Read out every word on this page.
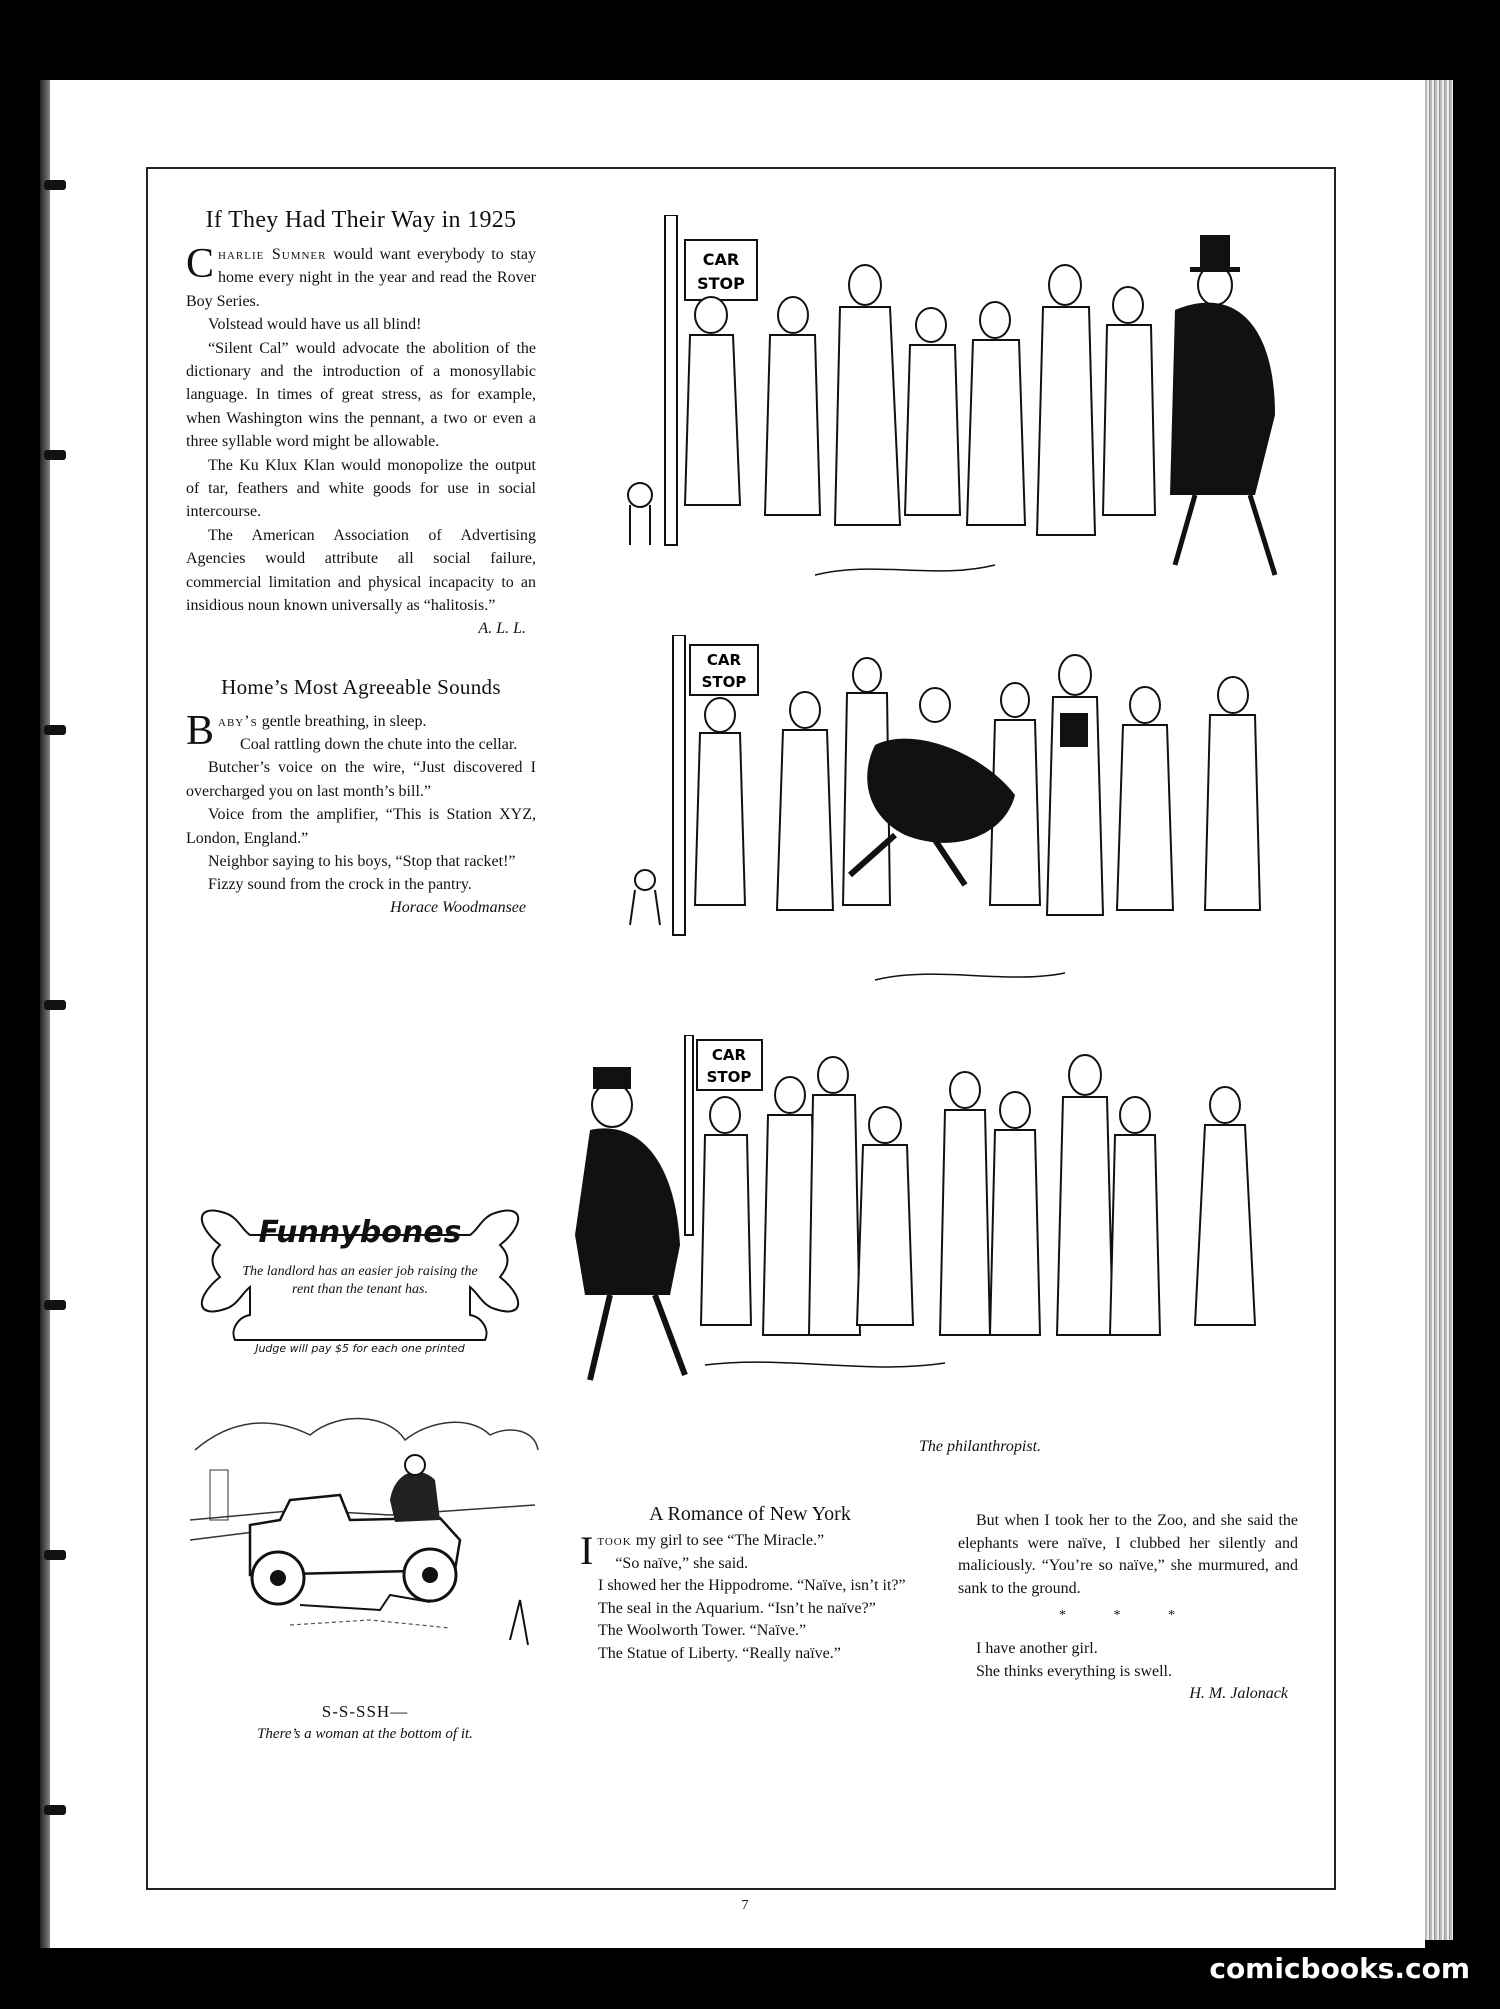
If They Had Their Way in 1925

Charlie Sumner would want everybody to stay home every night in the year and read the Rover Boy Series.

Volstead would have us all blind!

“Silent Cal” would advocate the abolition of the dictionary and the introduction of a monosyllabic language. In times of great stress, as for example, when Washington wins the pennant, a two or even a three syllable word might be allowable.

The Ku Klux Klan would monopolize the output of tar, feathers and white goods for use in social intercourse.

The American Association of Advertising Agencies would attribute all social failure, commercial limitation and physical incapacity to an insidious noun known universally as “halitosis.”

A. L. L.
Home’s Most Agreeable Sounds

Baby’s gentle breathing, in sleep.

Coal rattling down the chute into the cellar.

Butcher’s voice on the wire, “Just discovered I overcharged you on last month’s bill.”

Voice from the amplifier, “This is Station XYZ, London, England.”

Neighbor saying to his boys, “Stop that racket!”

Fizzy sound from the crock in the pantry.

Horace Woodmansee
Funnybones
The landlord has an easier job raising the rent than the tenant has.
Judge will pay $5 for each one printed
S-S-SSH—
There’s a woman at the bottom of it.
CAR
STOP
CAR
STOP
CAR
STOP
The philanthropist.
A Romance of New York

Itook my girl to see “The Miracle.”

“So naïve,” she said.

I showed her the Hippodrome. “Naïve, isn’t it?”

The seal in the Aquarium. “Isn’t he naïve?”

The Woolworth Tower. “Naïve.”

The Statue of Liberty. “Really naïve.”

But when I took her to the Zoo, and she said the elephants were naïve, I clubbed her silently and maliciously. “You’re so naïve,” she murmured, and sank to the ground.

* * *

I have another girl.

She thinks everything is swell.

H. M. Jalonack
7
comicbooks.com
